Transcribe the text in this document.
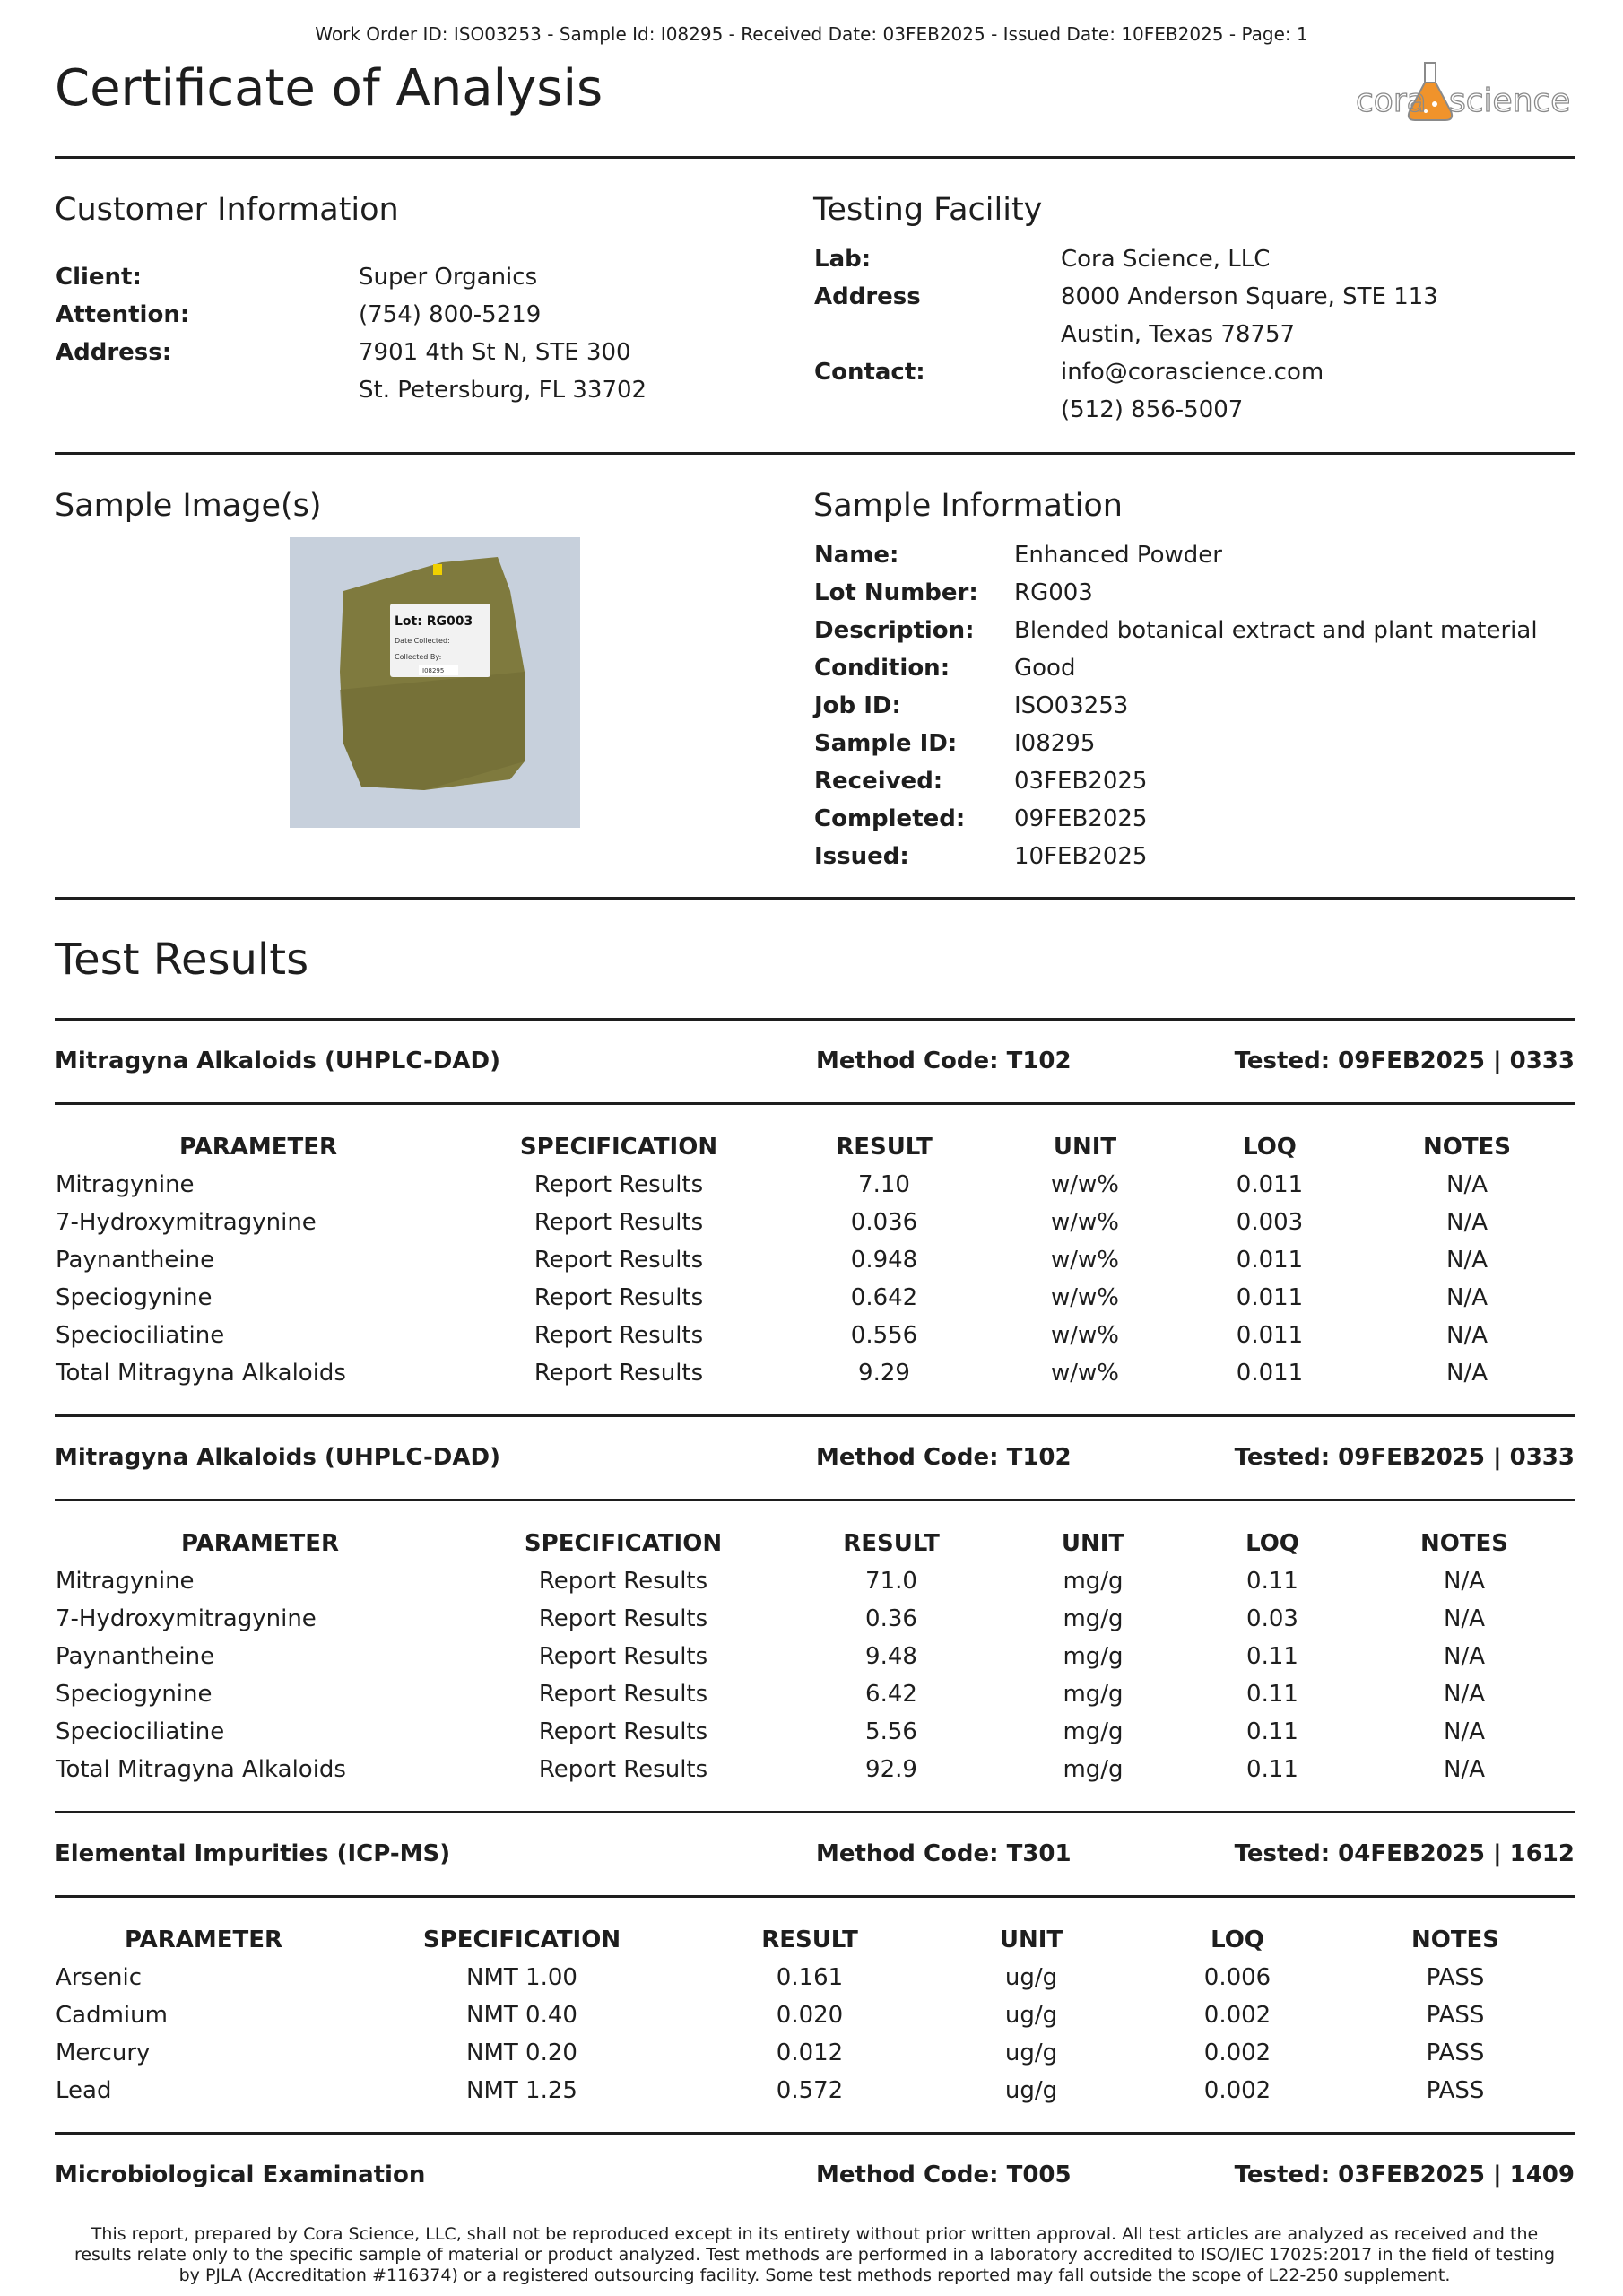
Work Order ID: ISO03253 - Sample Id: I08295 - Received Date: 03FEB2025 - Issued Date: 10FEB2025 - Page: 1
Certificate of Analysis	cora science
Customer Information
Client:	Super Organics
Attention:	(754) 800-5219
Address:	7901 4th St N, STE 300
St. Petersburg, FL 33702
Testing Facility
Lab:	Cora Science, LLC
Address	8000 Anderson Square, STE 113
Austin, Texas 78757
Contact:	info@corascience.com
(512) 856-5007
Sample Image(s)
Lot: RG003
Date Collected:
Collected By:
I08295
Sample Information
Name:	Enhanced Powder
Lot Number: RG003
Description: Blended botanical extract and plant material
Condition:	Good
Job ID:	ISO03253
Sample ID: I08295
Received:	03FEB2025
Completed: 09FEB2025
Issued:	10FEB2025
Test Results
Mitragyna Alkaloids (UHPLC-DAD)	Method Code: T102	Tested: 09FEB2025 | 0333
PARAMETER	SPECIFICATION	RESULT	UNIT	LOQ	NOTES
Mitragynine	Report Results	7.10	w/w%	0.011	N/A
7-Hydroxymitragynine	Report Results	0.036	w/w%	0.003	N/A
Paynantheine	Report Results	0.948	w/w%	0.011	N/A
Speciogynine	Report Results	0.642	w/w%	0.011	N/A
Speciociliatine	Report Results	0.556	w/w%	0.011	N/A
Total Mitragyna Alkaloids	Report Results	9.29	w/w%	0.011	N/A
Mitragyna Alkaloids (UHPLC-DAD)	Method Code: T102	Tested: 09FEB2025 | 0333
PARAMETER	SPECIFICATION	RESULT	UNIT	LOQ	NOTES
Mitragynine	Report Results	71.0	mg/g	0.11	N/A
7-Hydroxymitragynine	Report Results	0.36	mg/g	0.03	N/A
Paynantheine	Report Results	9.48	mg/g	0.11	N/A
Speciogynine	Report Results	6.42	mg/g	0.11	N/A
Speciociliatine	Report Results	5.56	mg/g	0.11	N/A
Total Mitragyna Alkaloids	Report Results	92.9	mg/g	0.11	N/A
Elemental Impurities (ICP-MS)	Method Code: T301	Tested: 04FEB2025 | 1612
PARAMETER	SPECIFICATION	RESULT	UNIT	LOQ	NOTES
Arsenic	NMT 1.00	0.161	ug/g	0.006	PASS
Cadmium	NMT 0.40	0.020	ug/g	0.002	PASS
Mercury	NMT 0.20	0.012	ug/g	0.002	PASS
Lead	NMT 1.25	0.572	ug/g	0.002	PASS
Microbiological Examination	Method Code: T005	Tested: 03FEB2025 | 1409
This report, prepared by Cora Science, LLC, shall not be reproduced except in its entirety without prior written approval. All test articles are analyzed as received and the
results relate only to the specific sample of material or product analyzed. Test methods are performed in a laboratory accredited to ISO/IEC 17025:2017 in the field of testing
by PJLA (Accreditation #116374) or a registered outsourcing facility. Some test methods reported may fall outside the scope of L22-250 supplement.
